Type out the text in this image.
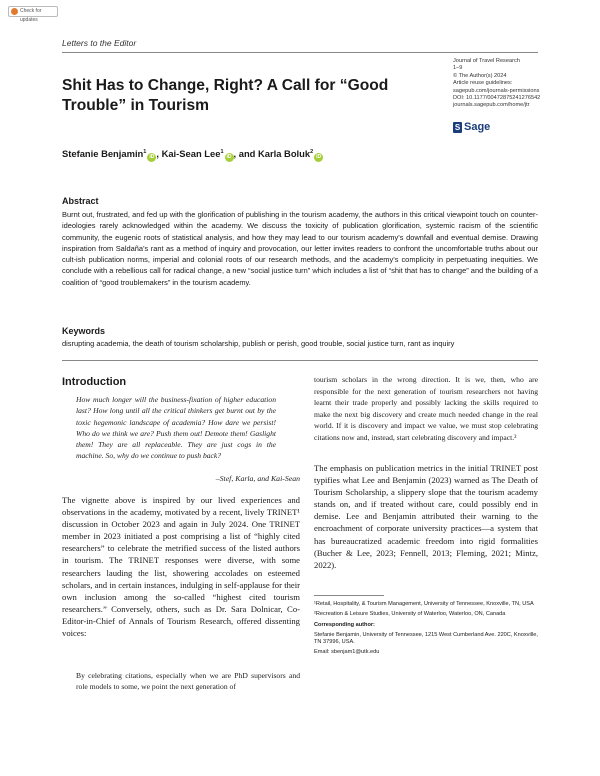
Check for updates
Letters to the Editor
Shit Has to Change, Right? A Call for “Good Trouble” in Tourism
Journal of Travel Research
1–9
© The Author(s) 2024
Article reuse guidelines:
sagepub.com/journals-permissions
DOI: 10.1177/00472875241276542
journals.sagepub.com/home/jtr
S Sage
Stefanie Benjamin$^1$iD , Kai-Sean Lee$^1$iD , and Karla Boluk$^2$iD
Abstract

Burnt out, frustrated, and fed up with the glorification of publishing in the tourism academy, the authors in this critical viewpoint touch on counter-ideologies rarely acknowledged within the academy. We discuss the toxicity of publication glorification, systemic racism of the scientific community, the eugenic roots of statistical analysis, and how they may lead to our tourism academy’s downfall and eventual demise. Drawing inspiration from Saldaña’s rant as a method of inquiry and provocation, our letter invites readers to confront the uncomfortable truths about our cult-ish publication norms, imperial and colonial roots of our research methods, and the academy’s complicity in perpetuating inequities. We conclude with a rebellious call for radical change, a new “social justice turn” which includes a list of “shit that has to change” and the building of a coalition of “good troublemakers” in the tourism academy.

Keywords

disrupting academia, the death of tourism scholarship, publish or perish, good trouble, social justice turn, rant as inquiry

Introduction

How much longer will the business-fixation of higher education last? How long until all the critical thinkers get burnt out by the toxic hegemonic landscape of academia? How dare we persist! Who do we think we are? Push them out! Demote them! Gaslight them! They are all replaceable. They are just cogs in the machine. So, why do we continue to push back?

–Stef, Karla, and Kai-Sean

The vignette above is inspired by our lived experiences and observations in the academy, motivated by a recent, lively TRINET¹ discussion in October 2023 and again in July 2024. One TRINET member in 2023 initiated a post comprising a list of “highly cited researchers” to celebrate the metrified success of the listed authors in tourism. The TRINET responses were diverse, with some researchers lauding the list, showering accolades on esteemed scholars, and in certain instances, indulging in self-applause for their own inclusion among the so-called “highest cited tourism researchers.” Conversely, others, such as Dr. Sara Dolnicar, Co-Editor-in-Chief of Annals of Tourism Research, offered dissenting voices:

By celebrating citations, especially when we are PhD supervisors and role models to some, we point the next generation of

tourism scholars in the wrong direction. It is we, then, who are responsible for the next generation of tourism researchers not having learnt their trade properly and possibly lacking the skills required to make the next big discovery and create much needed change in the real world. If it is discovery and impact we value, we must stop celebrating citations now and, instead, start celebrating discovery and impact.²

The emphasis on publication metrics in the initial TRINET post typifies what Lee and Benjamin (2023) warned as The Death of Tourism Scholarship, a slippery slope that the tourism academy stands on, and if treated without care, could possibly end in demise. Lee and Benjamin attributed their warning to the encroachment of corporate university practices—a system that has bureaucratized academic freedom into rigid formalities (Bucher & Lee, 2023; Fennell, 2013; Fleming, 2021; Mintz, 2022).

¹Retail, Hospitality, & Tourism Management, University of Tennessee, Knoxville, TN, USA

²Recreation & Leisure Studies, University of Waterloo, Waterloo, ON, Canada

Corresponding author:

Stefanie Benjamin, University of Tennessee, 1215 West Cumberland Ave. 220C, Knoxville, TN 37996, USA.

Email: sbenjam1@utk.edu
